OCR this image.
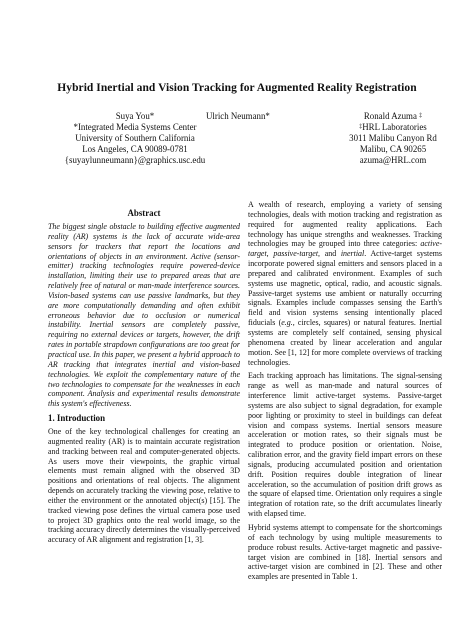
Hybrid Inertial and Vision Tracking for Augmented Reality Registration
Suya You*
*Integrated Media Systems Center
University of Southern California
Los Angeles, CA 90089-0781
{suyaylunneumann}@graphics.usc.edu
Ulrich Neumann*	Ronald Azuma ‡
‡HRL Laboratories
3011 Malibu Canyon Rd
Malibu, CA 90265
azuma@HRL.com
Abstract

The biggest single obstacle to building effective augmented reality (AR) systems is the lack of accurate wide-area sensors for trackers that report the locations and orientations of objects in an environment. Active (sensor-emitter) tracking technologies require powered-device installation, limiting their use to prepared areas that are relatively free of natural or man-made interference sources. Vision-based systems can use passive landmarks, but they are more computationally demanding and often exhibit erroneous behavior due to occlusion or numerical instability. Inertial sensors are completely passive, requiring no external devices or targets, however, the drift rates in portable strapdown configurations are too great for practical use. In this paper, we present a hybrid approach to AR tracking that integrates inertial and vision-based technologies. We exploit the complementary nature of the two technologies to compensate for the weaknesses in each component. Analysis and experimental results demonstrate this system's effectiveness.

1. Introduction

One of the key technological challenges for creating an augmented reality (AR) is to maintain accurate registration and tracking between real and computer-generated objects. As users move their viewpoints, the graphic virtual elements must remain aligned with the observed 3D positions and orientations of real objects. The alignment depends on accurately tracking the viewing pose, relative to either the environment or the annotated object(s) [15]. The tracked viewing pose defines the virtual camera pose used to project 3D graphics onto the real world image, so the tracking accuracy directly determines the visually-perceived accuracy of AR alignment and registration [1, 3].

A wealth of research, employing a variety of sensing technologies, deals with motion tracking and registration as required for augmented reality applications. Each technology has unique strengths and weaknesses. Tracking technologies may be grouped into three categories: active-target, passive-target, and inertial. Active-target systems incorporate powered signal emitters and sensors placed in a prepared and calibrated environment. Examples of such systems use magnetic, optical, radio, and acoustic signals. Passive-target systems use ambient or naturally occurring signals. Examples include compasses sensing the Earth's field and vision systems sensing intentionally placed fiducials (e.g., circles, squares) or natural features. Inertial systems are completely self contained, sensing physical phenomena created by linear acceleration and angular motion. See [1, 12] for more complete overviews of tracking technologies.

Each tracking approach has limitations. The signal-sensing range as well as man-made and natural sources of interference limit active-target systems. Passive-target systems are also subject to signal degradation, for example poor lighting or proximity to steel in buildings can defeat vision and compass systems. Inertial sensors measure acceleration or motion rates, so their signals must be integrated to produce position or orientation. Noise, calibration error, and the gravity field impart errors on these signals, producing accumulated position and orientation drift. Position requires double integration of linear acceleration, so the accumulation of position drift grows as the square of elapsed time. Orientation only requires a single integration of rotation rate, so the drift accumulates linearly with elapsed time.

Hybrid systems attempt to compensate for the shortcomings of each technology by using multiple measurements to produce robust results. Active-target magnetic and passive-target vision are combined in [18]. Inertial sensors and active-target vision are combined in [2]. These and other examples are presented in Table 1.
